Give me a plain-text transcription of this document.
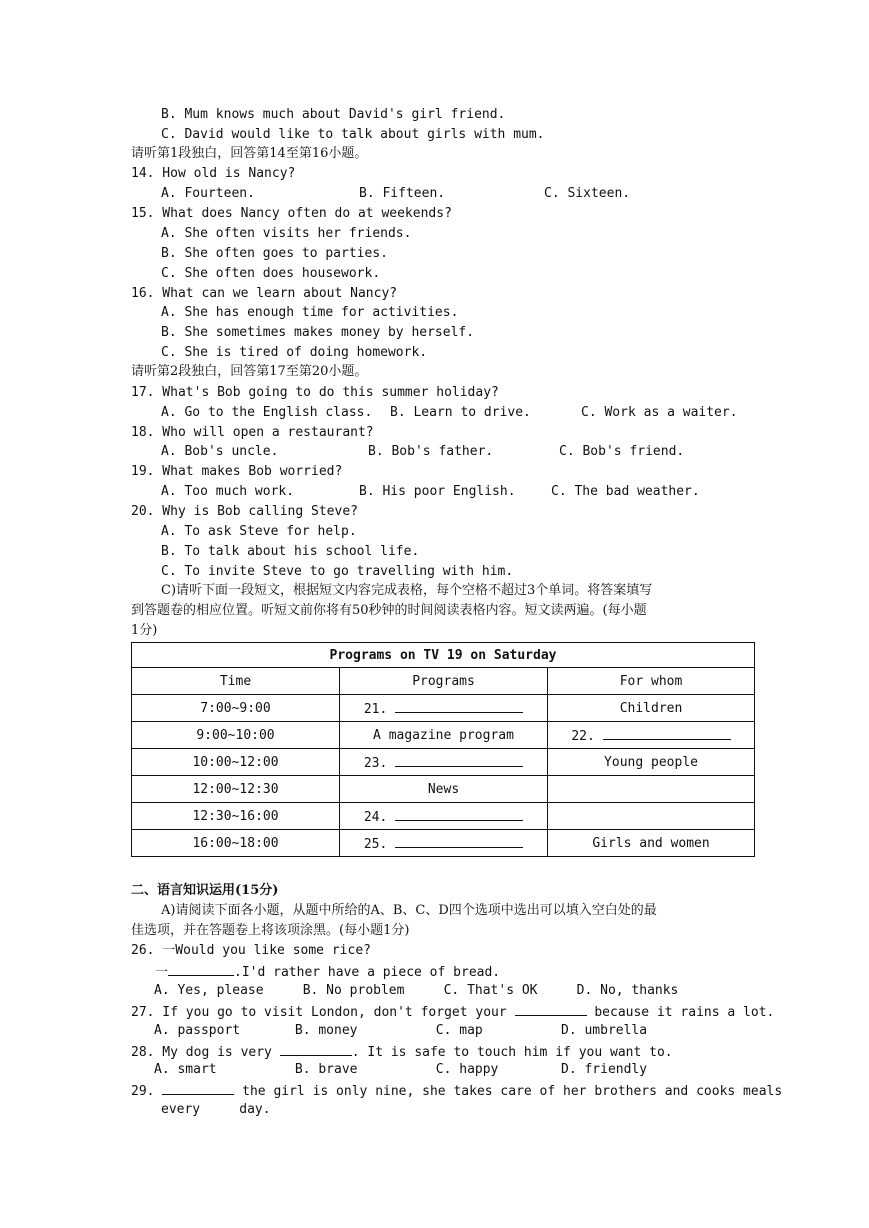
B. Mum knows much about David's girl friend.
C. David would like to talk about girls with mum.
请听第1段独白，回答第14至第16小题。
14. How old is Nancy?
A. Fourteen.	B. Fifteen.	C. Sixteen.
15. What does Nancy often do at weekends?
A. She often visits her friends.
B. She often goes to parties.
C. She often does housework.
16. What can we learn about Nancy?
A. She has enough time for activities.
B. She sometimes makes money by herself.
C. She is tired of doing homework.
请听第2段独白，回答第17至第20小题。
17. What's Bob going to do this summer holiday?
A. Go to the English class. B. Learn to drive.	C. Work as a waiter.
18. Who will open a restaurant?
A. Bob's uncle.	B. Bob's father.	C. Bob's friend.
19. What makes Bob worried?
A. Too much work.	B. His poor English.	C. The bad weather.
20. Why is Bob calling Steve?
A. To ask Steve for help.
B. To talk about his school life.
C. To invite Steve to go travelling with him.
C)请听下面一段短文，根据短文内容完成表格，每个空格不超过3个单词。将答案填写
到答题卷的相应位置。听短文前你将有50秒钟的时间阅读表格内容。短文读两遍。(每小题
1分)
Programs on TV 19 on Saturday		
Time	Programs	For whom
7:00~9:00	21.	Children
9:00~10:00	A magazine program	22.
10:00~12:00	23.	Young people
12:00~12:30	News	
12:30~16:00	24.	
16:00~18:00	25.	Girls and women
二、语言知识运用(15分)
A)请阅读下面各小题，从题中所给的A、B、C、D四个选项中选出可以填入空白处的最
佳选项，并在答题卷上将该项涂黑。(每小题1分)
26. 一Would you like some rice?
一	.I'd rather have a piece of bread.
A. Yes, please     B. No problem     C. That's OK     D. No, thanks
27. If you go to visit London, don't forget your	because it rains a lot.
A. passport       B. money          C. map          D. umbrella
28. My dog is very	. It is safe to touch him if you want to.
A. smart          B. brave          C. happy        D. friendly
29.	the girl is only nine, she takes care of her brothers and cooks meals
every     day.
